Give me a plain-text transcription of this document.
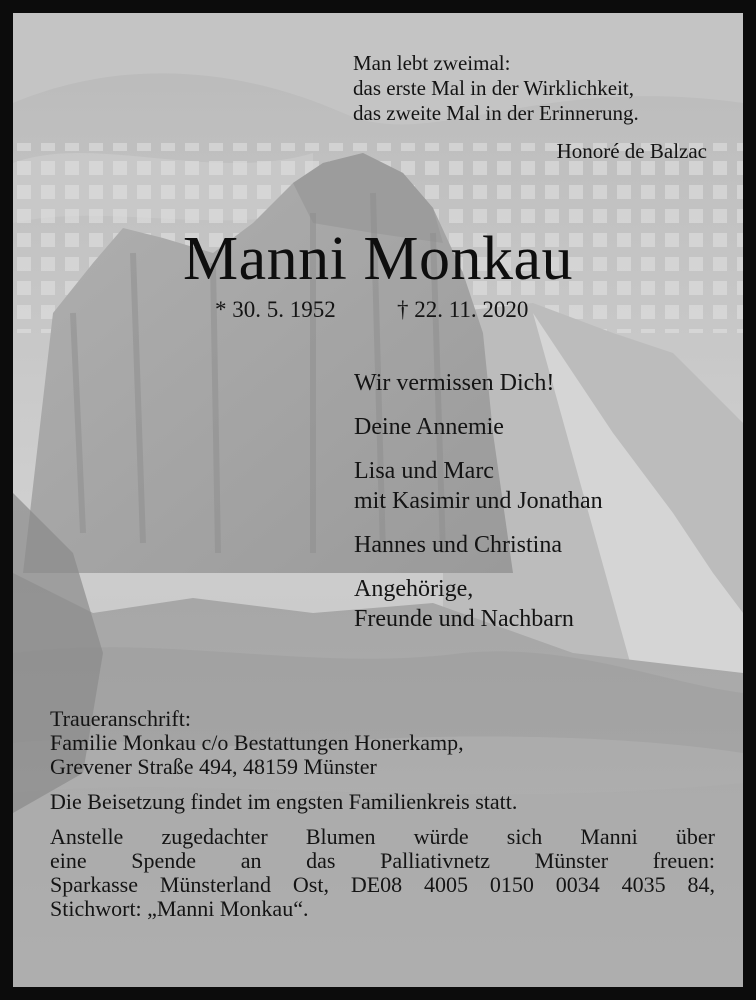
Man lebt zweimal:
das erste Mal in der Wirklichkeit,
das zweite Mal in der Erinnerung.
Honoré de Balzac
Manni Monkau
* 30. 5. 1952	† 22. 11. 2020
Wir vermissen Dich!
Deine Annemie
Lisa und Marc
mit Kasimir und Jonathan
Hannes und Christina
Angehörige,
Freunde und Nachbarn
Traueranschrift:
Familie Monkau c/o Bestattungen Honerkamp,
Grevener Straße 494, 48159 Münster
Die Beisetzung findet im engsten Familienkreis statt.
Anstelle zugedachter Blumen würde sich Manni über
eine Spende an das Palliativnetz Münster freuen:
Sparkasse Münsterland Ost, DE08 4005 0150 0034 4035 84,
Stichwort: „Manni Monkau“.
